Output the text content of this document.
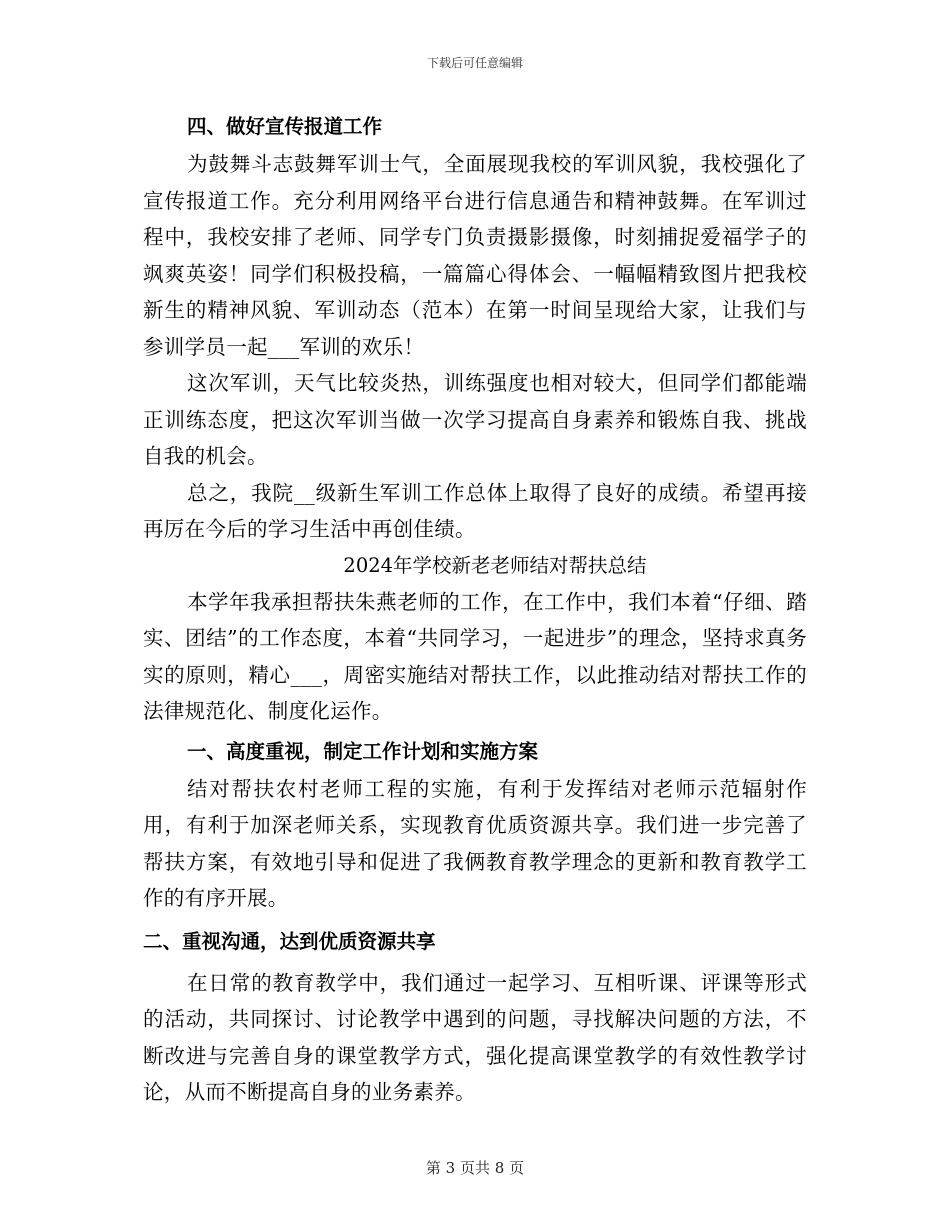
下载后可任意编辑

四、做好宣传报道工作

为鼓舞斗志鼓舞军训士气，全面展现我校的军训风貌，我校强化了宣传报道工作。充分利用网络平台进行信息通告和精神鼓舞。在军训过程中，我校安排了老师、同学专门负责摄影摄像，时刻捕捉爱福学子的飒爽英姿！同学们积极投稿，一篇篇心得体会、一幅幅精致图片把我校新生的精神风貌、军训动态（范本）在第一时间呈现给大家，让我们与参训学员一起___军训的欢乐！

这次军训，天气比较炎热，训练强度也相对较大，但同学们都能端正训练态度，把这次军训当做一次学习提高自身素养和锻炼自我、挑战自我的机会。

总之，我院__级新生军训工作总体上取得了良好的成绩。希望再接再厉在今后的学习生活中再创佳绩。

2024年学校新老老师结对帮扶总结

本学年我承担帮扶朱燕老师的工作，在工作中，我们本着“仔细、踏实、团结”的工作态度，本着“共同学习，一起进步”的理念，坚持求真务实的原则，精心___，周密实施结对帮扶工作，以此推动结对帮扶工作的法律规范化、制度化运作。

一、高度重视，制定工作计划和实施方案

结对帮扶农村老师工程的实施，有利于发挥结对老师示范辐射作用，有利于加深老师关系，实现教育优质资源共享。我们进一步完善了帮扶方案，有效地引导和促进了我俩教育教学理念的更新和教育教学工作的有序开展。

二、重视沟通，达到优质资源共享

在日常的教育教学中，我们通过一起学习、互相听课、评课等形式的活动，共同探讨、讨论教学中遇到的问题，寻找解决问题的方法，不断改进与完善自身的课堂教学方式，强化提高课堂教学的有效性教学讨论，从而不断提高自身的业务素养。

第 3 页共 8 页
